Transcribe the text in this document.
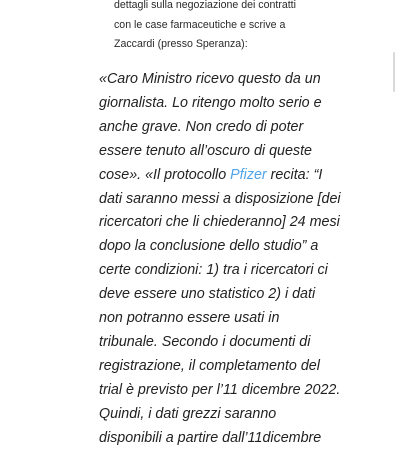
dettagli sulla negoziazione dei contratti
con le case farmaceutiche e scrive a
Zaccardi (presso Speranza):

«Caro Ministro ricevo questo da un
giornalista. Lo ritengo molto serio e
anche grave. Non credo di poter
essere tenuto all’oscuro di queste
cose». «Il protocollo Pfizer recita: “I
dati saranno messi a disposizione [dei
ricercatori che li chiederanno] 24 mesi
dopo la conclusione dello studio” a
certe condizioni: 1) tra i ricercatori ci
deve essere uno statistico 2) i dati
non potranno essere usati in
tribunale. Secondo i documenti di
registrazione, il completamento del
trial è previsto per l’11 dicembre 2022.
Quindi, i dati grezzi saranno
disponibili a partire dall’11dicembre
